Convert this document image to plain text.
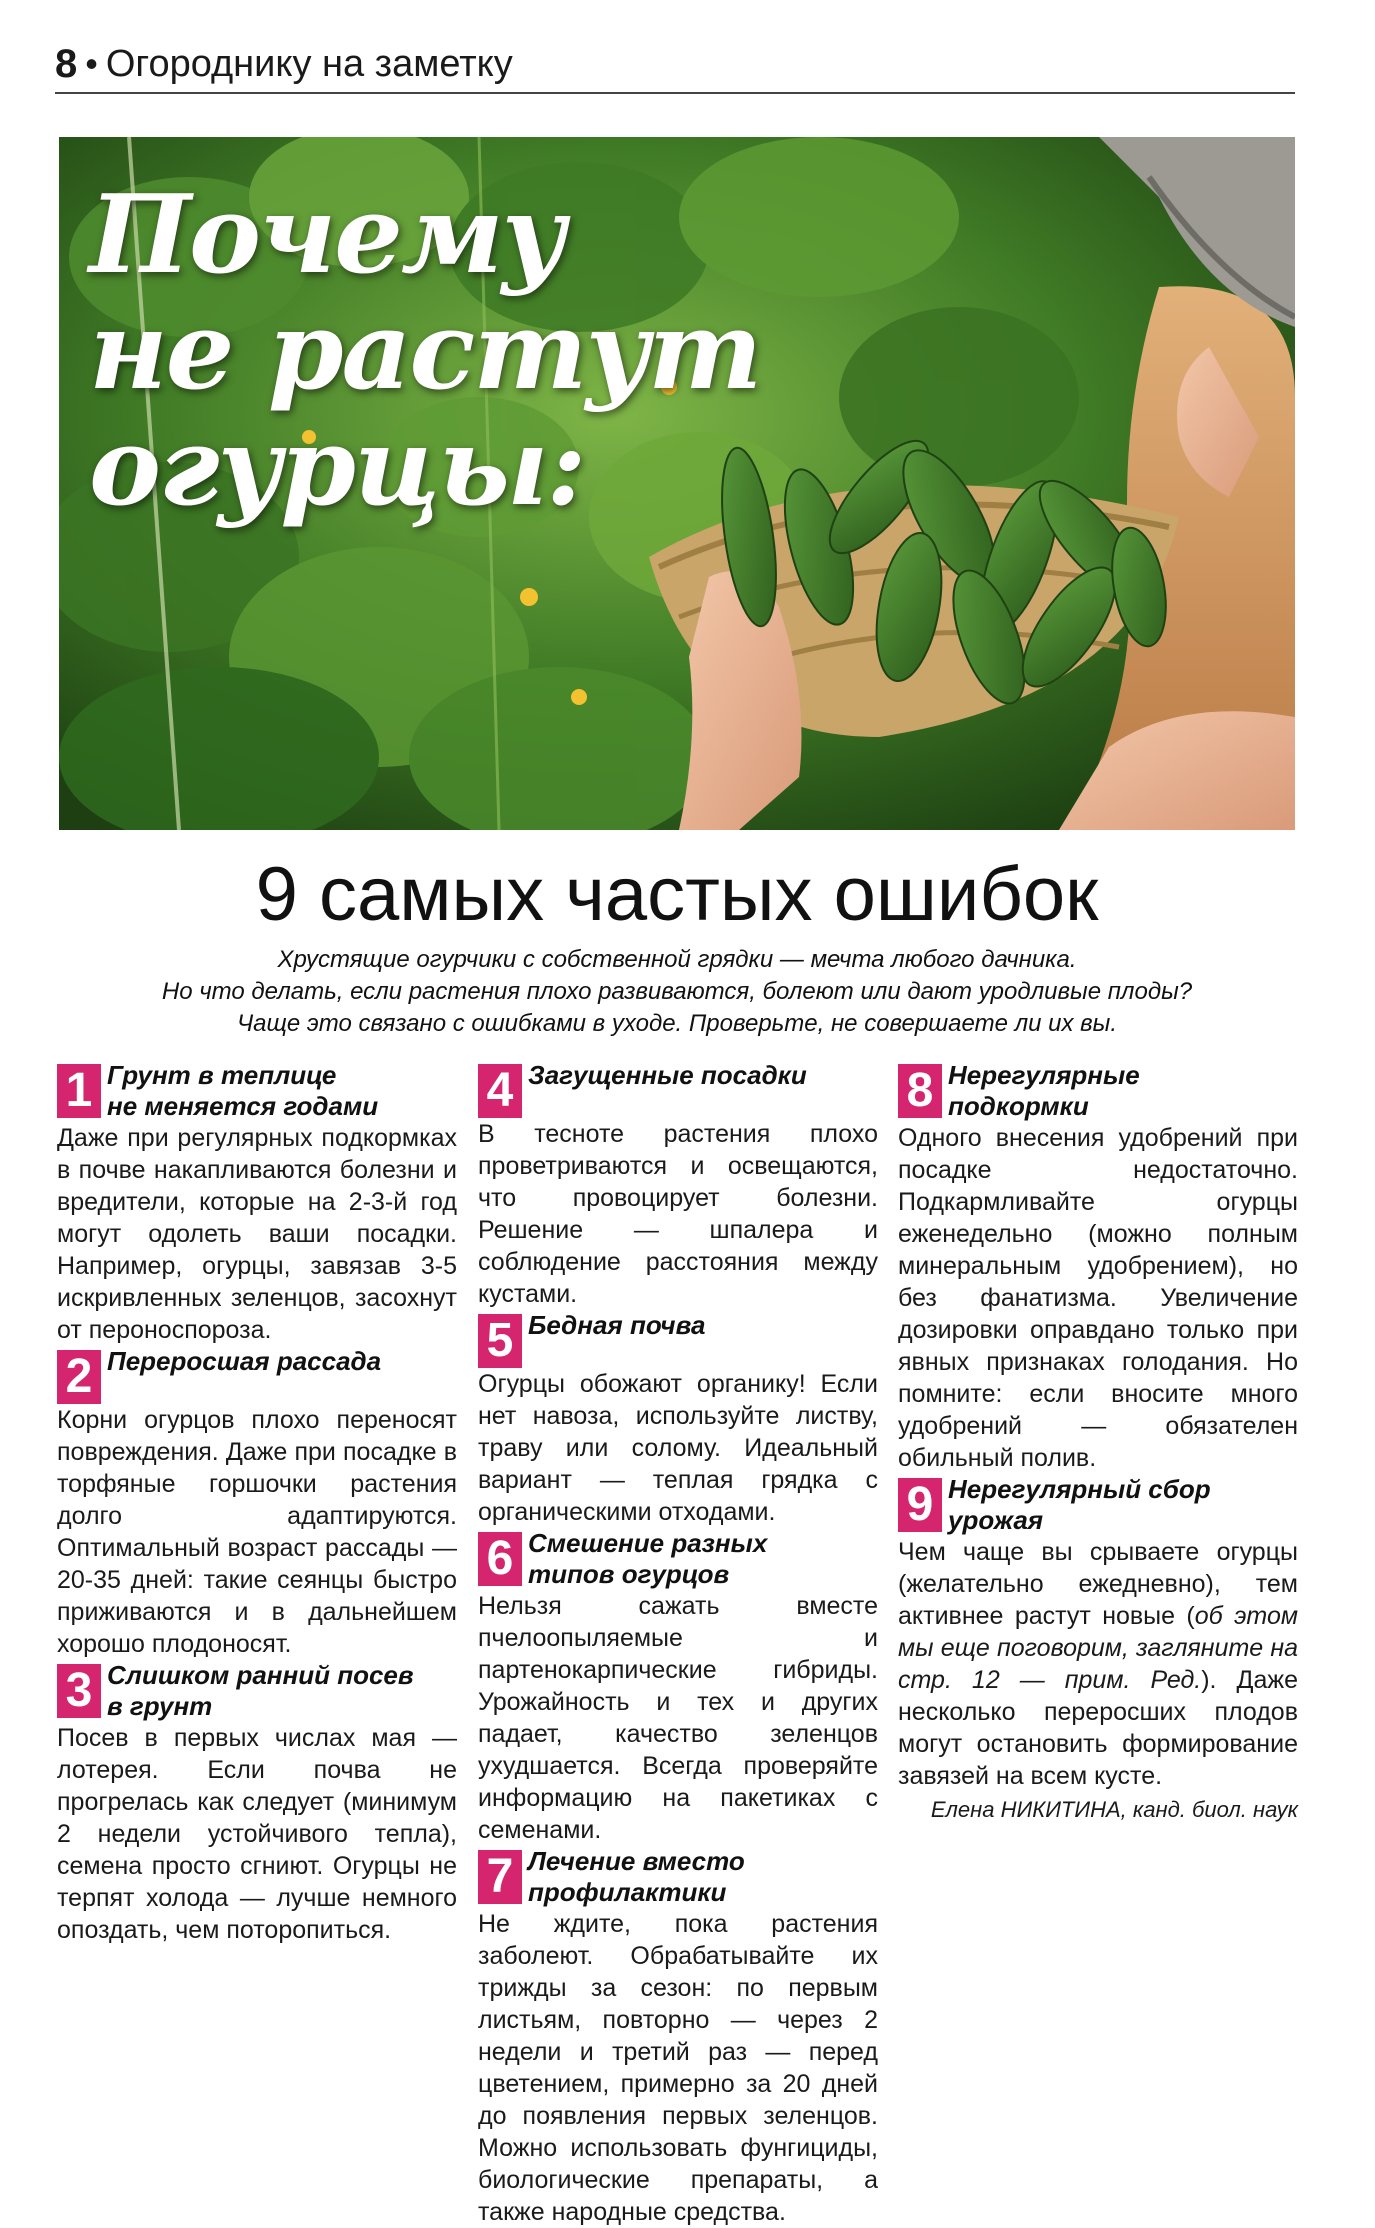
8 • Огороднику на заметку
Почему
не растут
огурцы:
9 самых частых ошибок
Хрустящие огурчики с собственной грядки — мечта любого дачника.
Но что делать, если растения плохо развиваются, болеют или дают уродливые плоды?
Чаще это связано с ошибками в уходе. Проверьте, не совершаете ли их вы.
1 Грунт в теплице
не меняется годами

Даже при регулярных подкормках в почве накапливаются болезни и вредители, которые на 2-3-й год могут одолеть ваши посадки. Например, огурцы, завязав 3-5 искривленных зеленцов, засохнут от пероноспороза.

2 Переросшая рассада

Корни огурцов плохо переносят повреждения. Даже при посадке в торфяные горшочки растения долго адаптируются. Оптимальный возраст рассады — 20-35 дней: такие сеянцы быстро приживаются и в дальнейшем хорошо плодоносят.

3 Слишком ранний посев
в грунт

Посев в первых числах мая — лотерея. Если почва не прогрелась как следует (минимум 2 недели устойчивого тепла), семена просто сгниют. Огурцы не терпят холода — лучше немного опоздать, чем поторопиться.

4 Загущенные посадки

В тесноте растения плохо проветриваются и освещаются, что провоцирует болезни. Решение — шпалера и соблюдение расстояния между кустами.

5 Бедная почва

Огурцы обожают органику! Если нет навоза, используйте листву, траву или солому. Идеальный вариант — теплая грядка с органическими отходами.

6 Смешение разных
типов огурцов

Нельзя сажать вместе пчелоопыляемые и партенокарпические гибриды. Урожайность и тех и других падает, качество зеленцов ухудшается. Всегда проверяйте информацию на пакетиках с семенами.

7 Лечение вместо
профилактики

Не ждите, пока растения заболеют. Обрабатывайте их трижды за сезон: по первым листьям, повторно — через 2 недели и третий раз — перед цветением, примерно за 20 дней до появления первых зеленцов. Можно использовать фунгициды, биологические препараты, а также народные средства.

8 Нерегулярные
подкормки

Одного внесения удобрений при посадке недостаточно. Подкармливайте огурцы еженедельно (можно полным минеральным удобрением), но без фанатизма. Увеличение дозировки оправдано только при явных признаках голодания. Но помните: если вносите много удобрений — обязателен обильный полив.

9 Нерегулярный сбор
урожая

Чем чаще вы срываете огурцы (желательно ежедневно), тем активнее растут новые (об этом мы еще поговорим, загляните на стр. 12 — прим. Ред.). Даже несколько переросших плодов могут остановить формирование завязей на всем кусте.

Елена НИКИТИНА, канд. биол. наук
